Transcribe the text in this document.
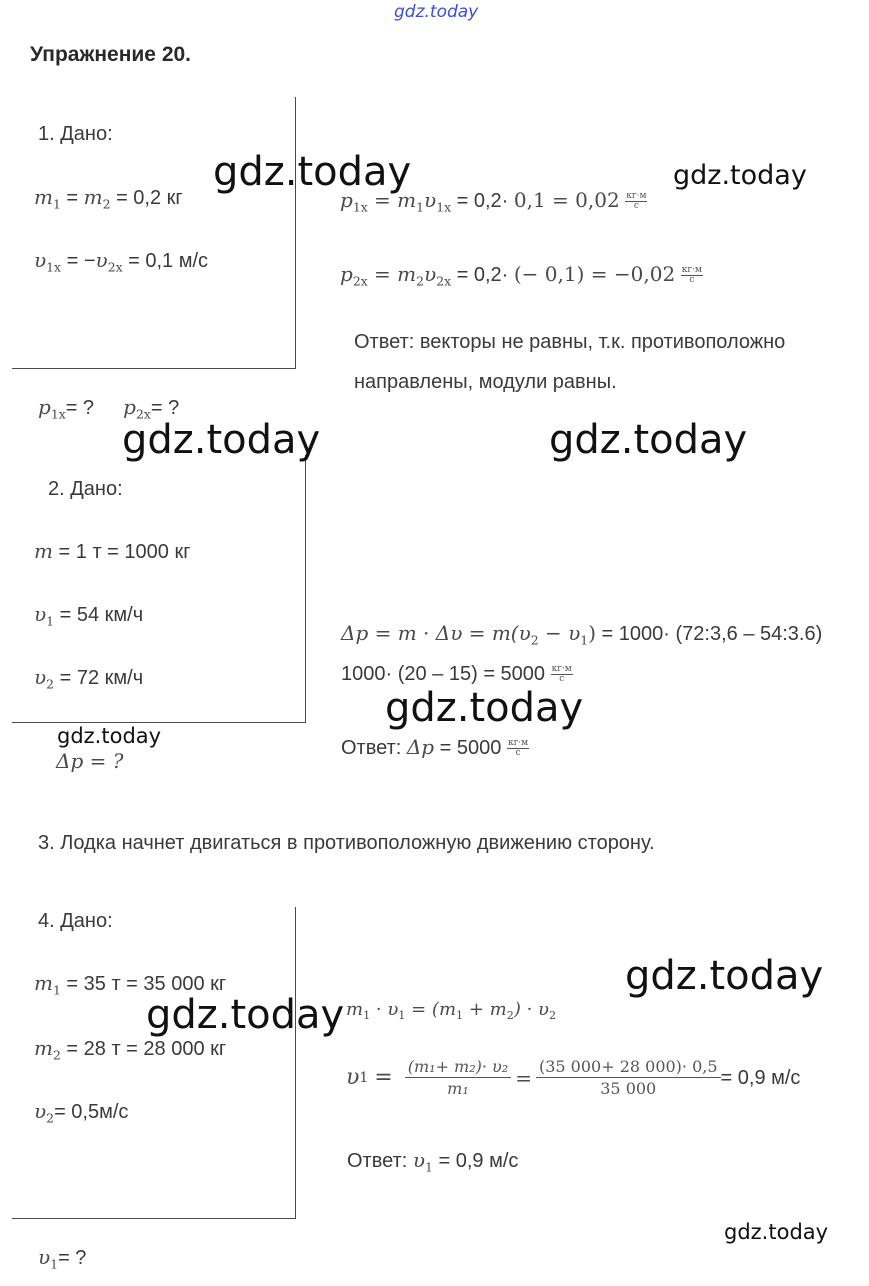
gdz.today
Упражнение 20.
1. Дано:
$m_1 = m_2 = 0,2$ кг
$\upsilon_{1x} = -\upsilon_{2x} = 0,1$ м/с
$p_{1x}=$ ? $p_{2x}=$ ?
$p_{1x} = m_1\upsilon_{1x} = 0,2\cdot 0,1 = 0,02 \frac{кг\cdot м}{с}$
$p_{2x} = m_2\upsilon_{2x} = 0,2\cdot$ (− $0,1) = -0,02 \frac{кг\cdot м}{с}$
Ответ: векторы не равны, т.к. противоположно
направлены, модули равны.
2. Дано:
m = 1 т = 1000 кг
$\upsilon_1 = 54$ км/ч
$\upsilon_2 = 72$ км/ч
Δp = ?
$\Delta p = m \cdot \Delta\upsilon = m(\upsilon_2 - \upsilon_1) = 1000\cdot$ (72:3,6 – 54:3.6)
$1000\cdot (20 - 15) = 5000 \frac{кг\cdot м}{с}$
Ответ: $\Delta p = 5000 \frac{кг\cdot м}{с}$
3. Лодка начнет двигаться в противоположную движению сторону.
4. Дано:
$m_1 = 35$ т = 35 000 кг
$m_2 = 28$ т = 28 000 кг
$\upsilon_2= 0,5м/с$
$\upsilon_1=$ ?
$m_1 \cdot \upsilon_1 = (m_1 + m_2) \cdot \upsilon_2$
υ $1 = \frac{\text{(m₁+ m₂)· υ₂}}{\text{m₁}} = \frac{(35 000+ 28 000)\cdot 0,5}{35 000} = 0,9$ м/с
Ответ: $\upsilon_1 = 0,9$ м/с
gdz.today	gdz.today
gdz.today	gdz.today
gdz.today
gdz.today
gdz.today
gdz.today
gdz.today
